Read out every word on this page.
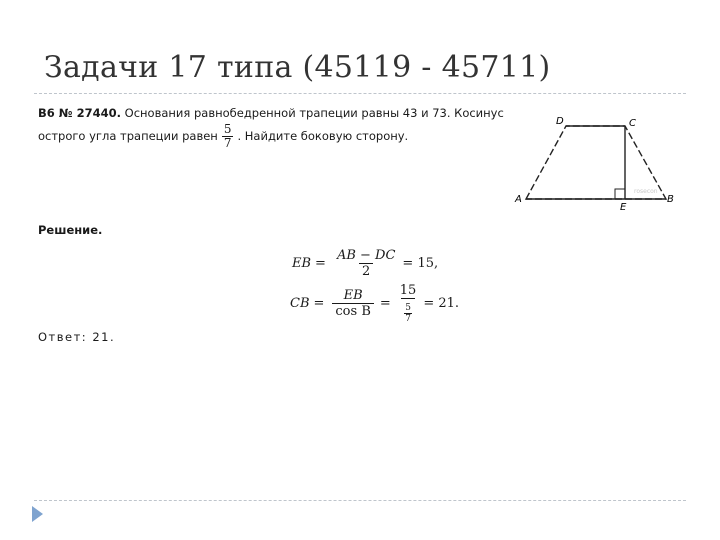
Задачи 17 типа (45119 - 45711)
B6 № 27440. Основания равнобедренной трапеции равны 43 и 73. Косинус
острого угла трапеции равен $\frac{5}{7}$ . Найдите боковую сторону.
D	C
A	B
E
rosecon
Решение.
EB = $\frac{AB - DC}{2} = 15$,
CB = $\frac{EB}{\text{cos B}} = \frac{15}{\frac{5}{7}} = 21$.
Ответ: 21.
